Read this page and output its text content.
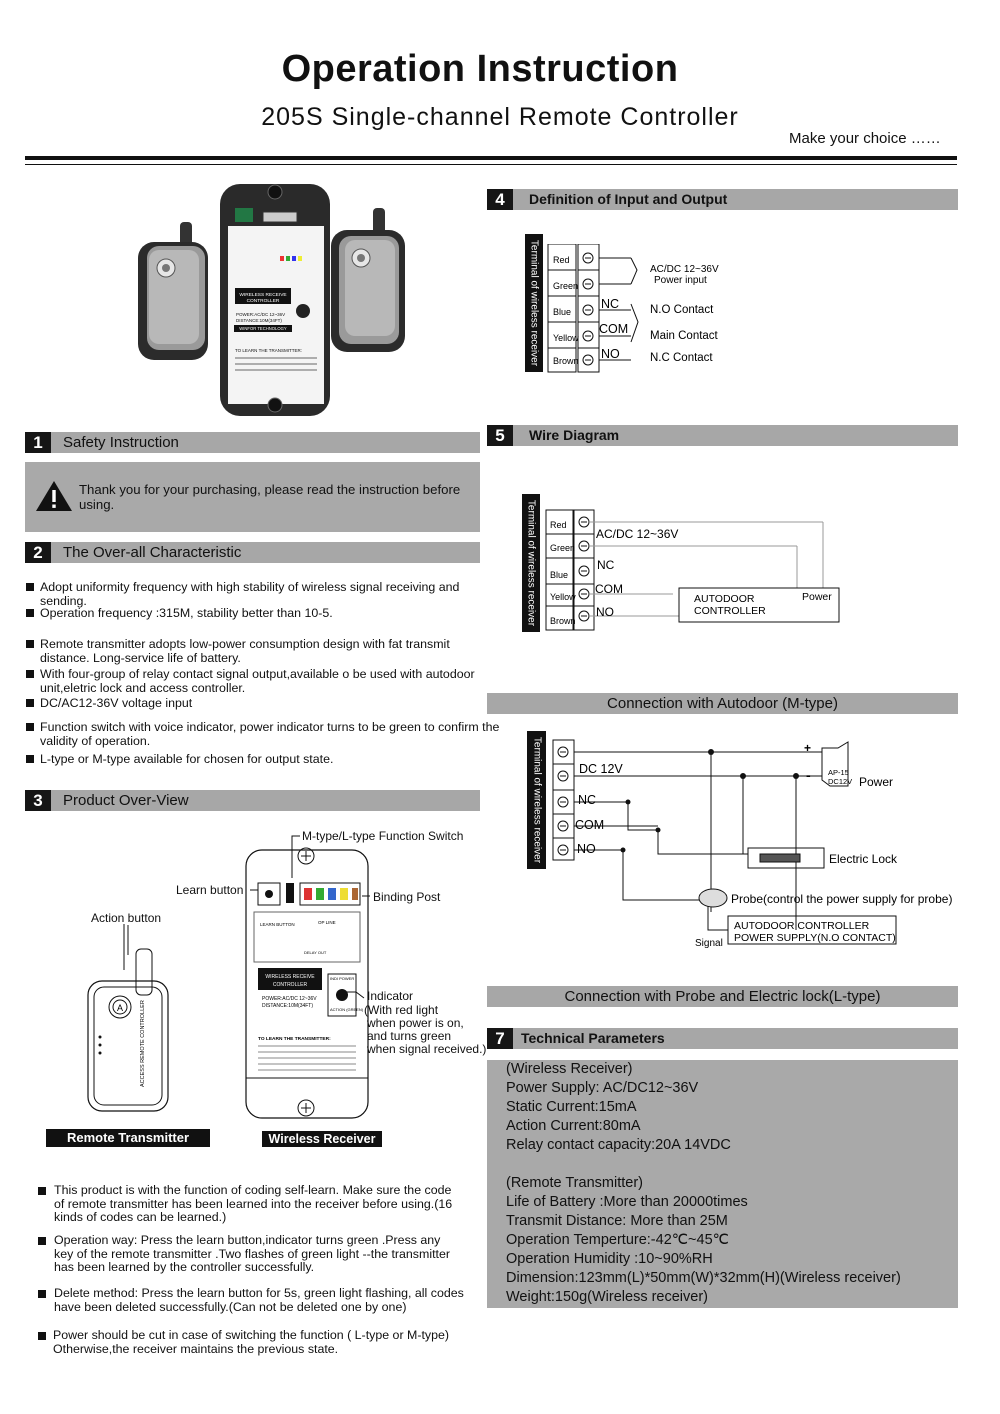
Operation Instruction
205S Single-channel Remote Controller
Make your choice ……
WIRELESS RECEIVE
CONTROLLER
POWER:AC/DC 12~36V
DISTANCE:10M(34FT)
WINFOR TECHNOLOGY
TO LEARN THE TRANSMITTER:
1	Safety Instruction
Thank you for your purchasing, please read the instruction before using.
2	The Over-all Characteristic
Adopt uniformity frequency with high stability of wireless signal receiving and sending.
Operation frequency :315M, stability better than 10-5.
Remote transmitter adopts low-power consumption design with fat transmit distance. Long-service life of battery.
With four-group of relay contact signal output,available o be used with autodoor unit,eletric lock and access controller.
DC/AC12-36V voltage input
Function switch with voice indicator, power indicator turns to be green to confirm the validity of operation.
L-type or M-type available for chosen for output state.
3	Product Over-View
M-type/L-type Function Switch
Learn button	Binding Post
Action button
Indicator
(With red light
when power is on,
and turns green
when signal received.)
A	ACCESS REMOTE CONTROLLER
LEARN BUTTON	OP LINE
DELAY OUT
WIRELESS RECEIVE
CONTROLLER
POWER:AC/DC 12~36V
DISTANCE:10M(34FT)
INDI POWER
ACTION (GREEN)
TO LEARN THE TRANSMITTER:
Remote Transmitter	Wireless Receiver
This product is with the function of coding self-learn. Make sure the code of remote transmitter has been learned into the receiver before using.(16 kinds of codes can be learned.)
Operation way: Press the learn button,indicator turns green .Press any key of the remote transmitter .Two flashes of green light --the transmitter has been learned by the controller successfully.
Delete method: Press the learn button for 5s, green light flashing, all codes have been deleted successfully.(Can not be deleted one by one)
Power should be cut in case of switching the function ( L-type or M-type) Otherwise,the receiver maintains the previous state.
4	Definition of Input and Output
Terminal of wireless receiver Red
Green
Blue
Yellow
Brown
NC
COM
NO
AC/DC 12~36V
Power input
N.O Contact
Main Contact
N.C Contact
5	Wire Diagram
Terminal of wireless receiver Red
Green
Blue
Yellow
Brown
AC/DC 12~36V
NC
COM
NO
AUTODOOR
CONTROLLER
Power
Connection with Autodoor (M-type)
Terminal of wireless receiver	DC 12V
NC
COM
NO
+
- AP-15
DC12V Power
Electric Lock
Probe(control the power supply for probe)
AUTODOOR CONTROLLER
POWER SUPPLY(N.O CONTACT)
Signal
Connection with Probe and Electric lock(L-type)
7	Technical Parameters
(Wireless Receiver)
Power Supply: AC/DC12~36V
Static Current:15mA
Action Current:80mA
Relay contact capacity:20A 14VDC
(Remote Transmitter)
Life of Battery :More than 20000times
Transmit Distance: More than 25M
Operation Temperture:-42℃~45℃
Operation Humidity :10~90%RH
Dimension:123mm(L)*50mm(W)*32mm(H)(Wireless receiver)
Weight:150g(Wireless receiver)
